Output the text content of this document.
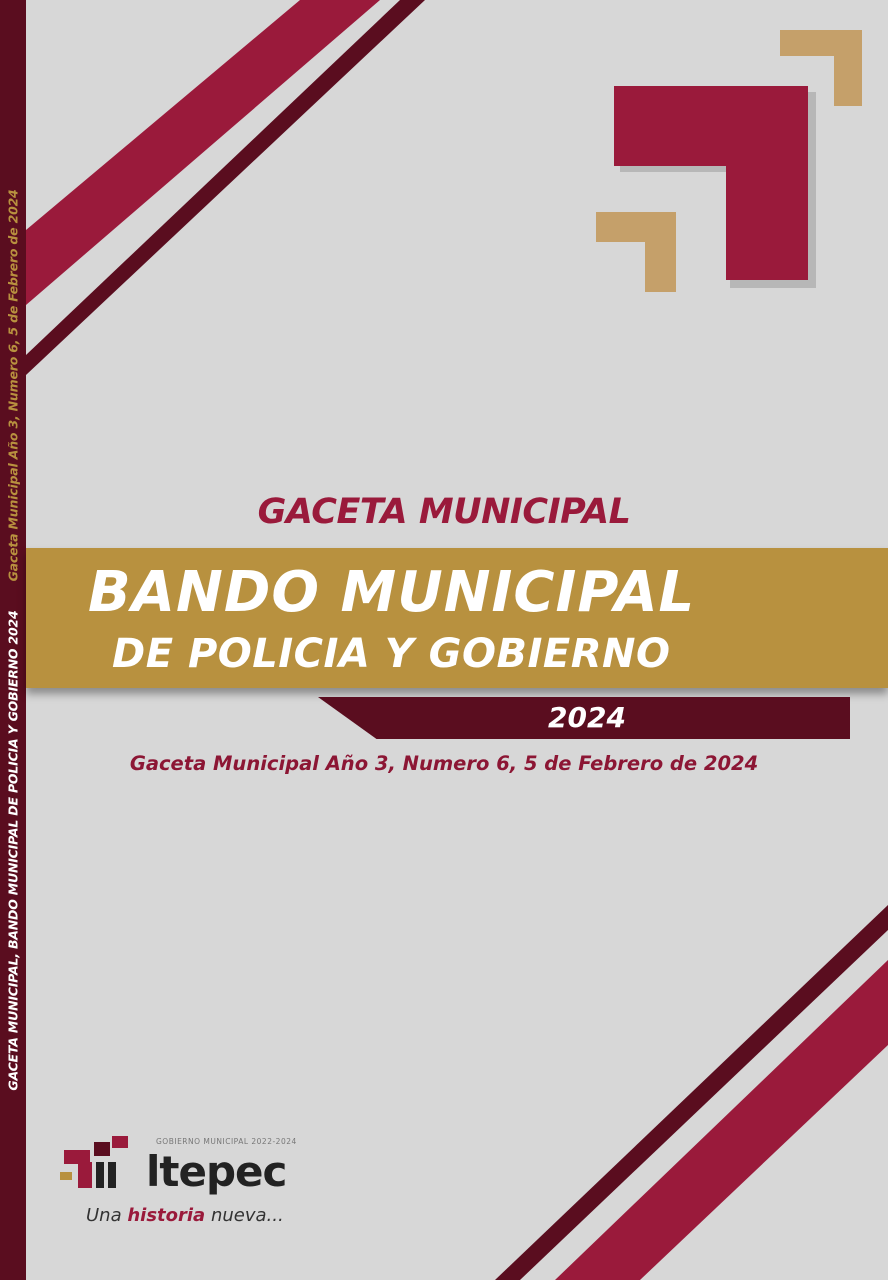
GACETA MUNICIPAL, BANDO MUNICIPAL DE POLICIA Y GOBIERNO 2024       Gaceta Municipal Año 3, Numero 6, 5 de Febrero de 2024	GACETA MUNICIPAL
BANDO MUNICIPAL
DE POLICIA Y GOBIERNO
2024
Gaceta Municipal Año 3, Numero 6, 5 de Febrero de 2024
GOBIERNO MUNICIPAL 2022-2024
ltepec
Una historia nueva...
